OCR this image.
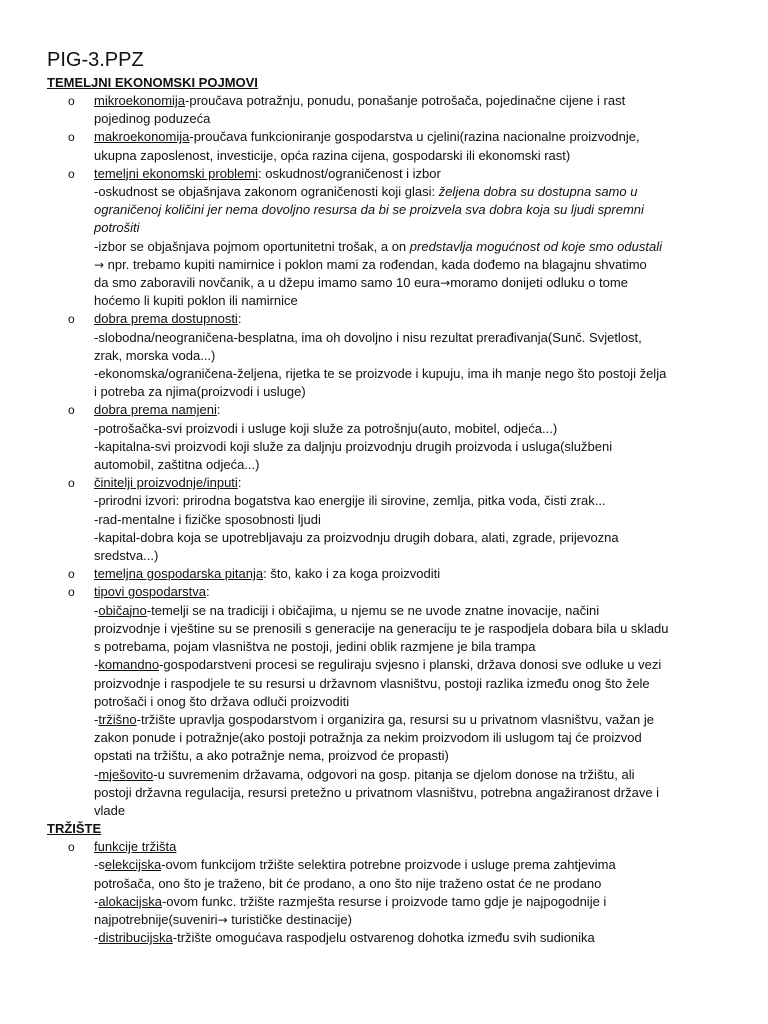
PIG-3.PPZ
TEMELJNI EKONOMSKI POJMOVI
o mikroekonomija-proučava potražnju, ponudu, ponašanje potrošača, pojedinačne cijene i rast
pojedinog poduzeća
o makroekonomija-proučava funkcioniranje gospodarstva u cjelini(razina nacionalne proizvodnje,
ukupna zaposlenost, investicije, opća razina cijena, gospodarski ili ekonomski rast)
o temeljni ekonomski problemi: oskudnost/ograničenost i izbor
-oskudnost se objašnjava zakonom ograničenosti koji glasi: željena dobra su dostupna samo u
ograničenoj količini jer nema dovoljno resursa da bi se proizvela sva dobra koja su ljudi spremni
potrošiti
-izbor se objašnjava pojmom oportunitetni trošak, a on predstavlja mogućnost od koje smo odustali
→ npr. trebamo kupiti namirnice i poklon mami za rođendan, kada dođemo na blagajnu shvatimo
da smo zaboravili novčanik, a u džepu imamo samo 10 eura→moramo donijeti odluku o tome
hoćemo li kupiti poklon ili namirnice
o dobra prema dostupnosti:
-slobodna/neograničena-besplatna, ima oh dovoljno i nisu rezultat prerađivanja(Sunč. Svjetlost,
zrak, morska voda...)
-ekonomska/ograničena-željena, rijetka te se proizvode i kupuju, ima ih manje nego što postoji želja
i potreba za njima(proizvodi i usluge)
o dobra prema namjeni:
-potrošačka-svi proizvodi i usluge koji služe za potrošnju(auto, mobitel, odjeća...)
-kapitalna-svi proizvodi koji služe za daljnju proizvodnju drugih proizvoda i usluga(službeni
automobil, zaštitna odjeća...)
o činitelji proizvodnje/inputi:
-prirodni izvori: prirodna bogatstva kao energije ili sirovine, zemlja, pitka voda, čisti zrak...
-rad-mentalne i fizičke sposobnosti ljudi
-kapital-dobra koja se upotrebljavaju za proizvodnju drugih dobara, alati, zgrade, prijevozna
sredstva...)
o temeljna gospodarska pitanja: što, kako i za koga proizvoditi
o tipovi gospodarstva:
-običajno-temelji se na tradiciji i običajima, u njemu se ne uvode znatne inovacije, načini
proizvodnje i vještine su se prenosili s generacije na generaciju te je raspodjela dobara bila u skladu
s potrebama, pojam vlasništva ne postoji, jedini oblik razmjene je bila trampa
-komandno-gospodarstveni procesi se reguliraju svjesno i planski, država donosi sve odluke u vezi
proizvodnje i raspodjele te su resursi u državnom vlasništvu, postoji razlika između onog što žele
potrošači i onog što država odluči proizvoditi
-tržišno-tržište upravlja gospodarstvom i organizira ga, resursi su u privatnom vlasništvu, važan je
zakon ponude i potražnje(ako postoji potražnja za nekim proizvodom ili uslugom taj će proizvod
opstati na tržištu, a ako potražnje nema, proizvod će propasti)
-mješovito-u suvremenim državama, odgovori na gosp. pitanja se djelom donose na tržištu, ali
postoji državna regulacija, resursi pretežno u privatnom vlasništvu, potrebna angažiranost države i
vlade
TRŽIŠTE
o funkcije tržišta
-selekcijska-ovom funkcijom tržište selektira potrebne proizvode i usluge prema zahtjevima
potrošača, ono što je traženo, bit će prodano, a ono što nije traženo ostat će ne prodano
-alokacijska-ovom funkc. tržište razmješta resurse i proizvode tamo gdje je najpogodnije i
najpotrebnije(suveniri→ turističke destinacije)
-distribucijska-tržište omogućava raspodjelu ostvarenog dohotka između svih sudionika
